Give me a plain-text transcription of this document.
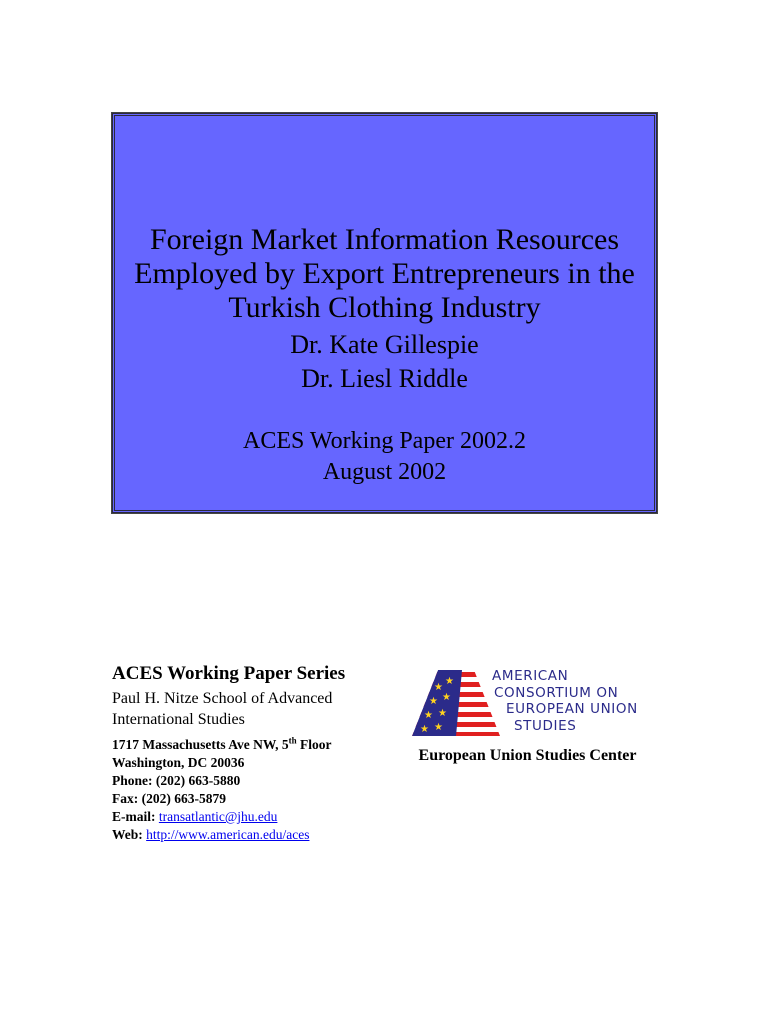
Foreign Market Information Resources
Employed by Export Entrepreneurs in the
Turkish Clothing Industry
Dr. Kate Gillespie
Dr. Liesl Riddle
ACES Working Paper 2002.2
August 2002
ACES Working Paper Series
Paul H. Nitze School of Advanced
International Studies
1717 Massachusetts Ave NW, 5th Floor
Washington, DC 20036
Phone: (202) 663-5880
Fax: (202) 663-5879
E-mail: transatlantic@jhu.edu
Web: http://www.american.edu/aces
★
★
★ ★
★ ★
★ ★
AMERICAN
CONSORTIUM ON
EUROPEAN UNION
STUDIES
European Union Studies Center
